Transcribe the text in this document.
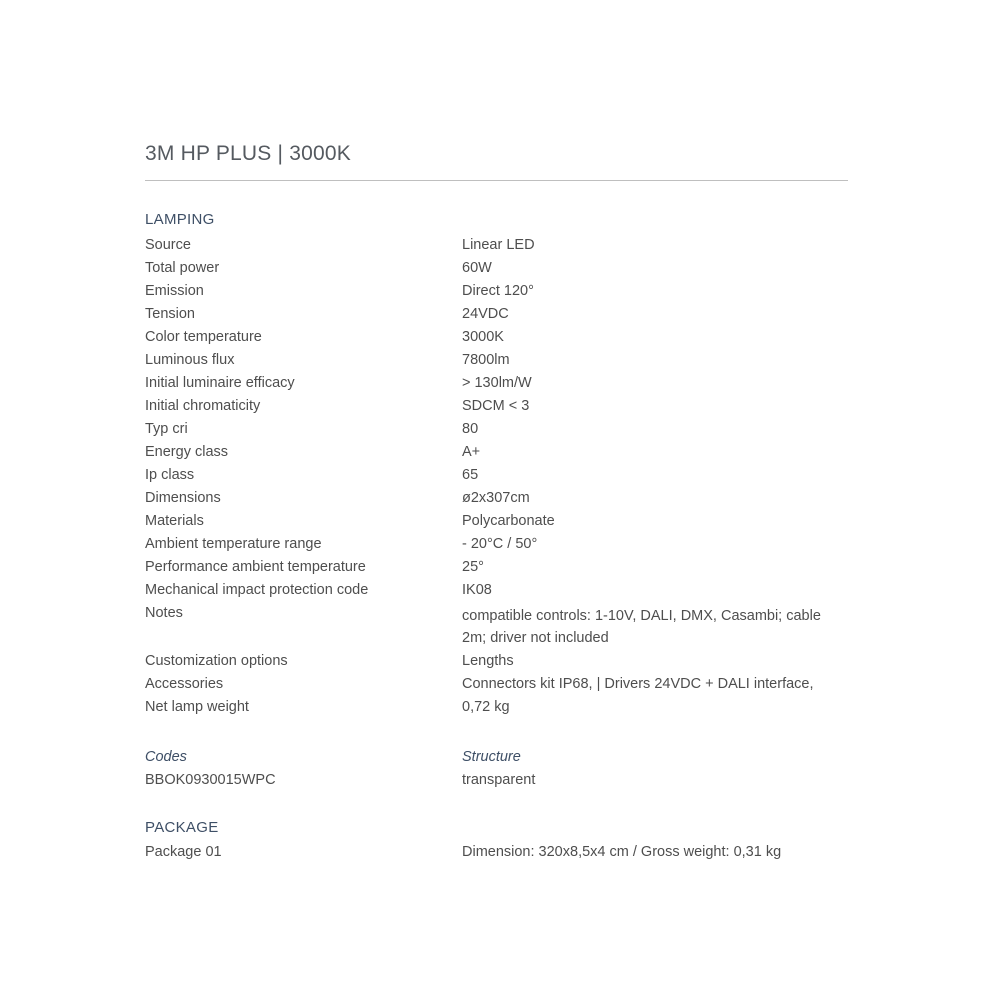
3M HP PLUS | 3000K
LAMPING
Source	Linear LED
Total power	60W
Emission	Direct 120°
Tension	24VDC
Color temperature	3000K
Luminous flux	7800lm
Initial luminaire efficacy	> 130lm/W
Initial chromaticity	SDCM < 3
Typ cri	80
Energy class	A+
Ip class	65
Dimensions	ø2x307cm
Materials	Polycarbonate
Ambient temperature range	- 20°C / 50°
Performance ambient temperature	25°
Mechanical impact protection code	IK08
Notes	compatible controls: 1-10V, DALI, DMX, Casambi; cable 2m; driver not included
Customization options	Lengths
Accessories	Connectors kit IP68, | Drivers 24VDC + DALI interface,
Net lamp weight	0,72 kg
Codes	Structure
BBOK0930015WPC	transparent
PACKAGE
Package 01	Dimension: 320x8,5x4 cm / Gross weight: 0,31 kg
